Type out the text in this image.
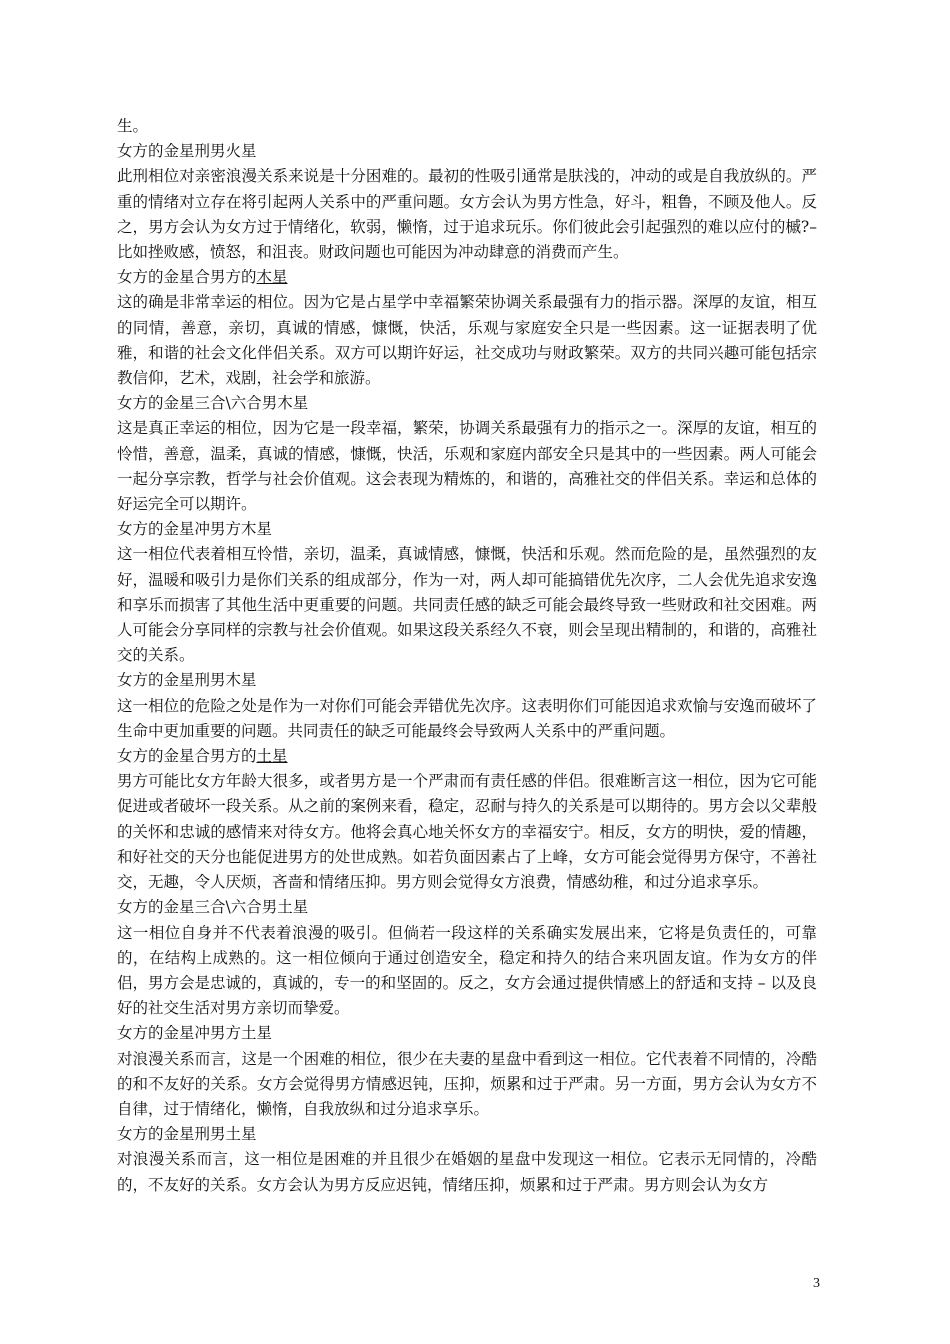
生。

女方的金星刑男火星

此刑相位对亲密浪漫关系来说是十分困难的。最初的性吸引通常是肤浅的，冲动的或是自我放纵的。严重的情绪对立存在将引起两人关系中的严重问题。女方会认为男方性急，好斗，粗鲁，不顾及他人。反之，男方会认为女方过于情绪化，软弱，懒惰，过于追求玩乐。你们彼此会引起强烈的难以应付的槭?– 比如挫败感，愤怒，和沮丧。财政问题也可能因为冲动肆意的消费而产生。

女方的金星合男方的木星

这的确是非常幸运的相位。因为它是占星学中幸福繁荣协调关系最强有力的指示器。深厚的友谊，相互的同情，善意，亲切，真诚的情感，慷慨，快活，乐观与家庭安全只是一些因素。这一证据表明了优雅，和谐的社会文化伴侣关系。双方可以期许好运，社交成功与财政繁荣。双方的共同兴趣可能包括宗教信仰，艺术，戏剧，社会学和旅游。

女方的金星三合\六合男木星

这是真正幸运的相位，因为它是一段幸福，繁荣，协调关系最强有力的指示之一。深厚的友谊，相互的怜惜，善意，温柔，真诚的情感，慷慨，快活，乐观和家庭内部安全只是其中的一些因素。两人可能会一起分享宗教，哲学与社会价值观。这会表现为精炼的，和谐的，高雅社交的伴侣关系。幸运和总体的好运完全可以期许。

女方的金星冲男方木星

这一相位代表着相互怜惜，亲切，温柔，真诚情感，慷慨，快活和乐观。然而危险的是，虽然强烈的友好，温暖和吸引力是你们关系的组成部分，作为一对，两人却可能搞错优先次序，二人会优先追求安逸和享乐而损害了其他生活中更重要的问题。共同责任感的缺乏可能会最终导致一些财政和社交困难。两人可能会分享同样的宗教与社会价值观。如果这段关系经久不衰，则会呈现出精制的，和谐的，高雅社交的关系。

女方的金星刑男木星

这一相位的危险之处是作为一对你们可能会弄错优先次序。这表明你们可能因追求欢愉与安逸而破坏了生命中更加重要的问题。共同责任的缺乏可能最终会导致两人关系中的严重问题。

女方的金星合男方的土星

男方可能比女方年龄大很多，或者男方是一个严肃而有责任感的伴侣。很难断言这一相位，因为它可能促进或者破坏一段关系。从之前的案例来看，稳定，忍耐与持久的关系是可以期待的。男方会以父辈般的关怀和忠诚的感情来对待女方。他将会真心地关怀女方的幸福安宁。相反，女方的明快，爱的情趣，和好社交的天分也能促进男方的处世成熟。如若负面因素占了上峰，女方可能会觉得男方保守，不善社交，无趣，令人厌烦，吝啬和情绪压抑。男方则会觉得女方浪费，情感幼稚，和过分追求享乐。

女方的金星三合\六合男土星

这一相位自身并不代表着浪漫的吸引。但倘若一段这样的关系确实发展出来，它将是负责任的，可靠的，在结构上成熟的。这一相位倾向于通过创造安全，稳定和持久的结合来巩固友谊。作为女方的伴侣，男方会是忠诚的，真诚的，专一的和坚固的。反之，女方会通过提供情感上的舒适和支持 – 以及良好的社交生活对男方亲切而挚爱。

女方的金星冲男方土星

对浪漫关系而言，这是一个困难的相位，很少在夫妻的星盘中看到这一相位。它代表着不同情的，冷酷的和不友好的关系。女方会觉得男方情感迟钝，压抑，烦累和过于严肃。另一方面，男方会认为女方不自律，过于情绪化，懒惰，自我放纵和过分追求享乐。

女方的金星刑男土星

对浪漫关系而言，这一相位是困难的并且很少在婚姻的星盘中发现这一相位。它表示无同情的，冷酷的，不友好的关系。女方会认为男方反应迟钝，情绪压抑，烦累和过于严肃。男方则会认为女方

3
